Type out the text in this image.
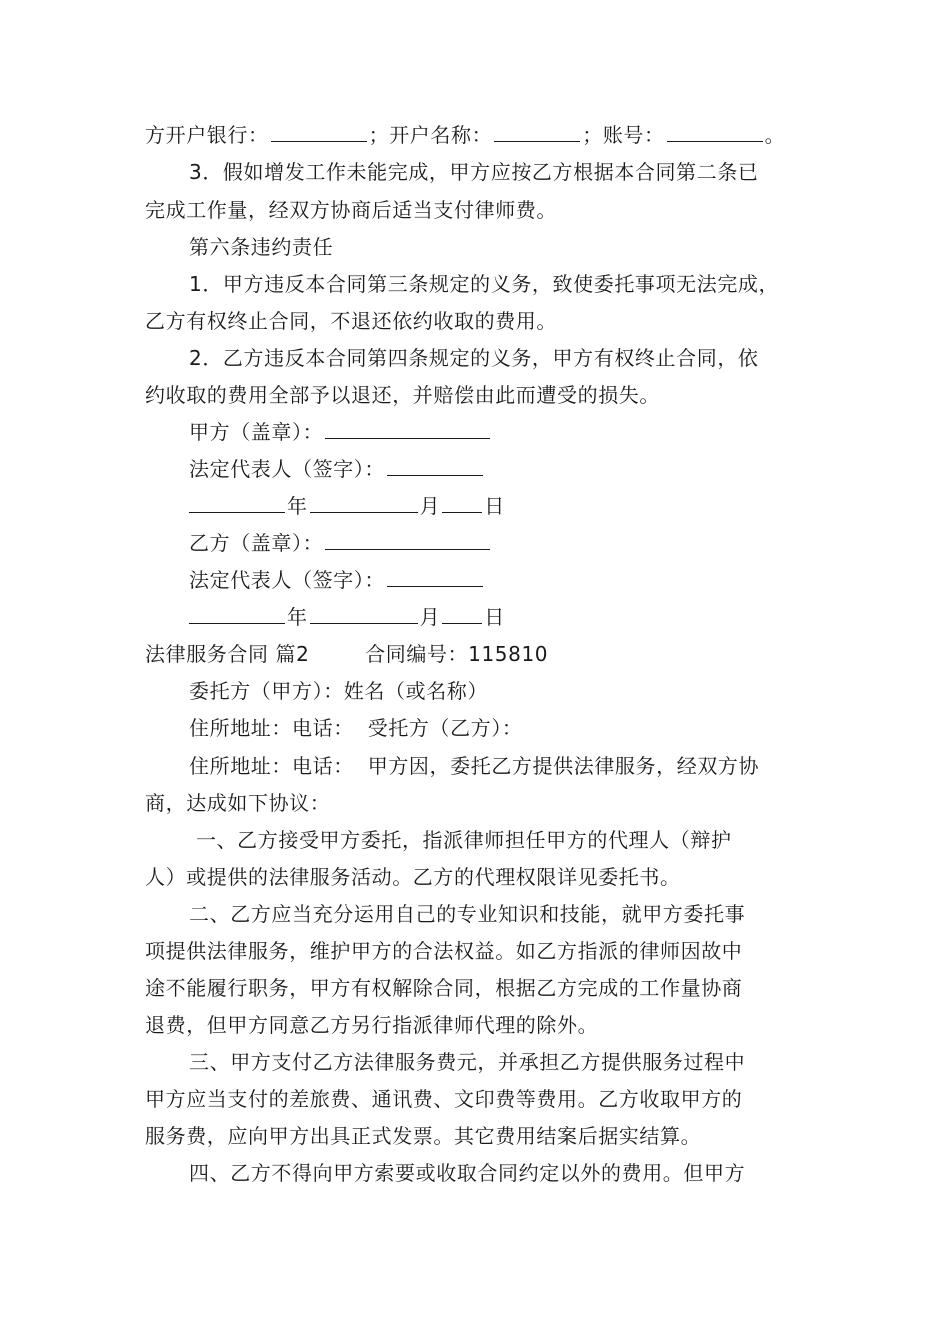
方开户银行：	；开户名称：	；账号：	。
3．假如增发工作未能完成，甲方应按乙方根据本合同第二条已
完成工作量，经双方协商后适当支付律师费。
第六条违约责任
1．甲方违反本合同第三条规定的义务，致使委托事项无法完成，
乙方有权终止合同，不退还依约收取的费用。
2．乙方违反本合同第四条规定的义务，甲方有权终止合同，依
约收取的费用全部予以退还，并赔偿由此而遭受的损失。
甲方（盖章）：
法定代表人（签字）：
年	月 日
乙方（盖章）：
法定代表人（签字）：
年	月 日
法律服务合同 篇2        合同编号：115810
委托方（甲方）：姓名（或名称）
住所地址：电话：  受托方（乙方）：
住所地址：电话：  甲方因，委托乙方提供法律服务，经双方协
商，达成如下协议：
一、乙方接受甲方委托，指派律师担任甲方的代理人（辩护
人）或提供的法律服务活动。乙方的代理权限详见委托书。
二、乙方应当充分运用自己的专业知识和技能，就甲方委托事
项提供法律服务，维护甲方的合法权益。如乙方指派的律师因故中
途不能履行职务，甲方有权解除合同，根据乙方完成的工作量协商
退费，但甲方同意乙方另行指派律师代理的除外。
三、甲方支付乙方法律服务费元，并承担乙方提供服务过程中
甲方应当支付的差旅费、通讯费、文印费等费用。乙方收取甲方的
服务费，应向甲方出具正式发票。其它费用结案后据实结算。
四、乙方不得向甲方索要或收取合同约定以外的费用。但甲方
